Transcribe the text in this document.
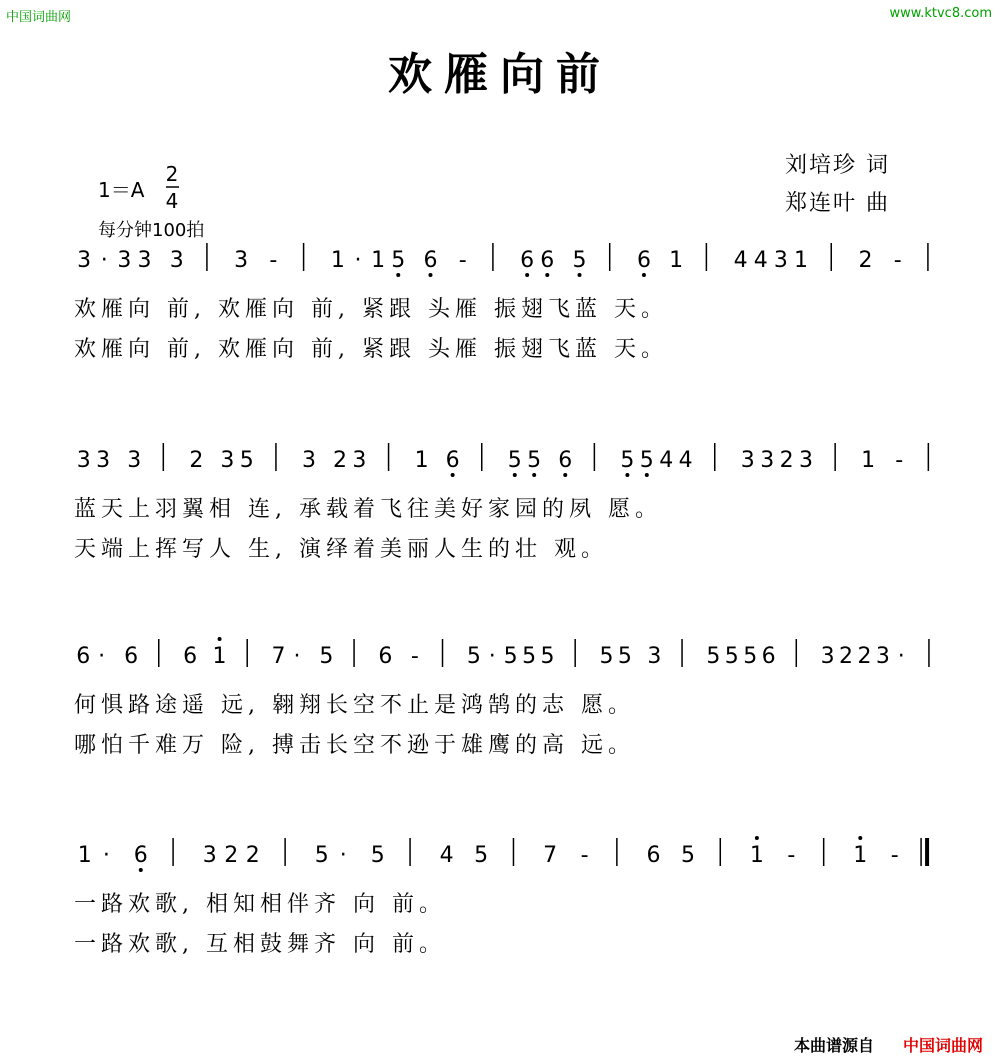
中国词曲网	www.ktvc8.com
欢雁向前
刘培珍 词
郑连叶 曲
1＝A
每分钟100拍
2
4
3 · 3 3 3 3 - 1 · 1 5 6 - 6 6 5 6 1 4 4 3 1 2 -
3 3 3 2 3 5 3 2 3 1 6 5 5 6 5 5 4 4 3 3 2 3 1 -
6 · 6 6 1 7 · 5 6 - 5 · 5 5 5 5 5 3 5 5 5 6 3 2 2 3 ·
1 · 6 3 2 2 5 · 5 4 5 7 -	6 5 1 -	1 -
欢雁向 前, 欢雁向 前, 紧跟 头雁 振翅飞蓝 天。
欢雁向 前, 欢雁向 前, 紧跟 头雁 振翅飞蓝 天。
蓝天上羽翼相 连, 承载着飞往美好家园的夙 愿。
天端上挥写人 生, 演绎着美丽人生的壮 观。
何惧路途遥 远, 翱翔长空不止是鸿鹄的志 愿。
哪怕千难万 险, 搏击长空不逊于雄鹰的高 远。
一路欢歌, 相知相伴齐 向 前。
一路欢歌, 互相鼓舞齐 向 前。
本曲谱源自 中国词曲网
